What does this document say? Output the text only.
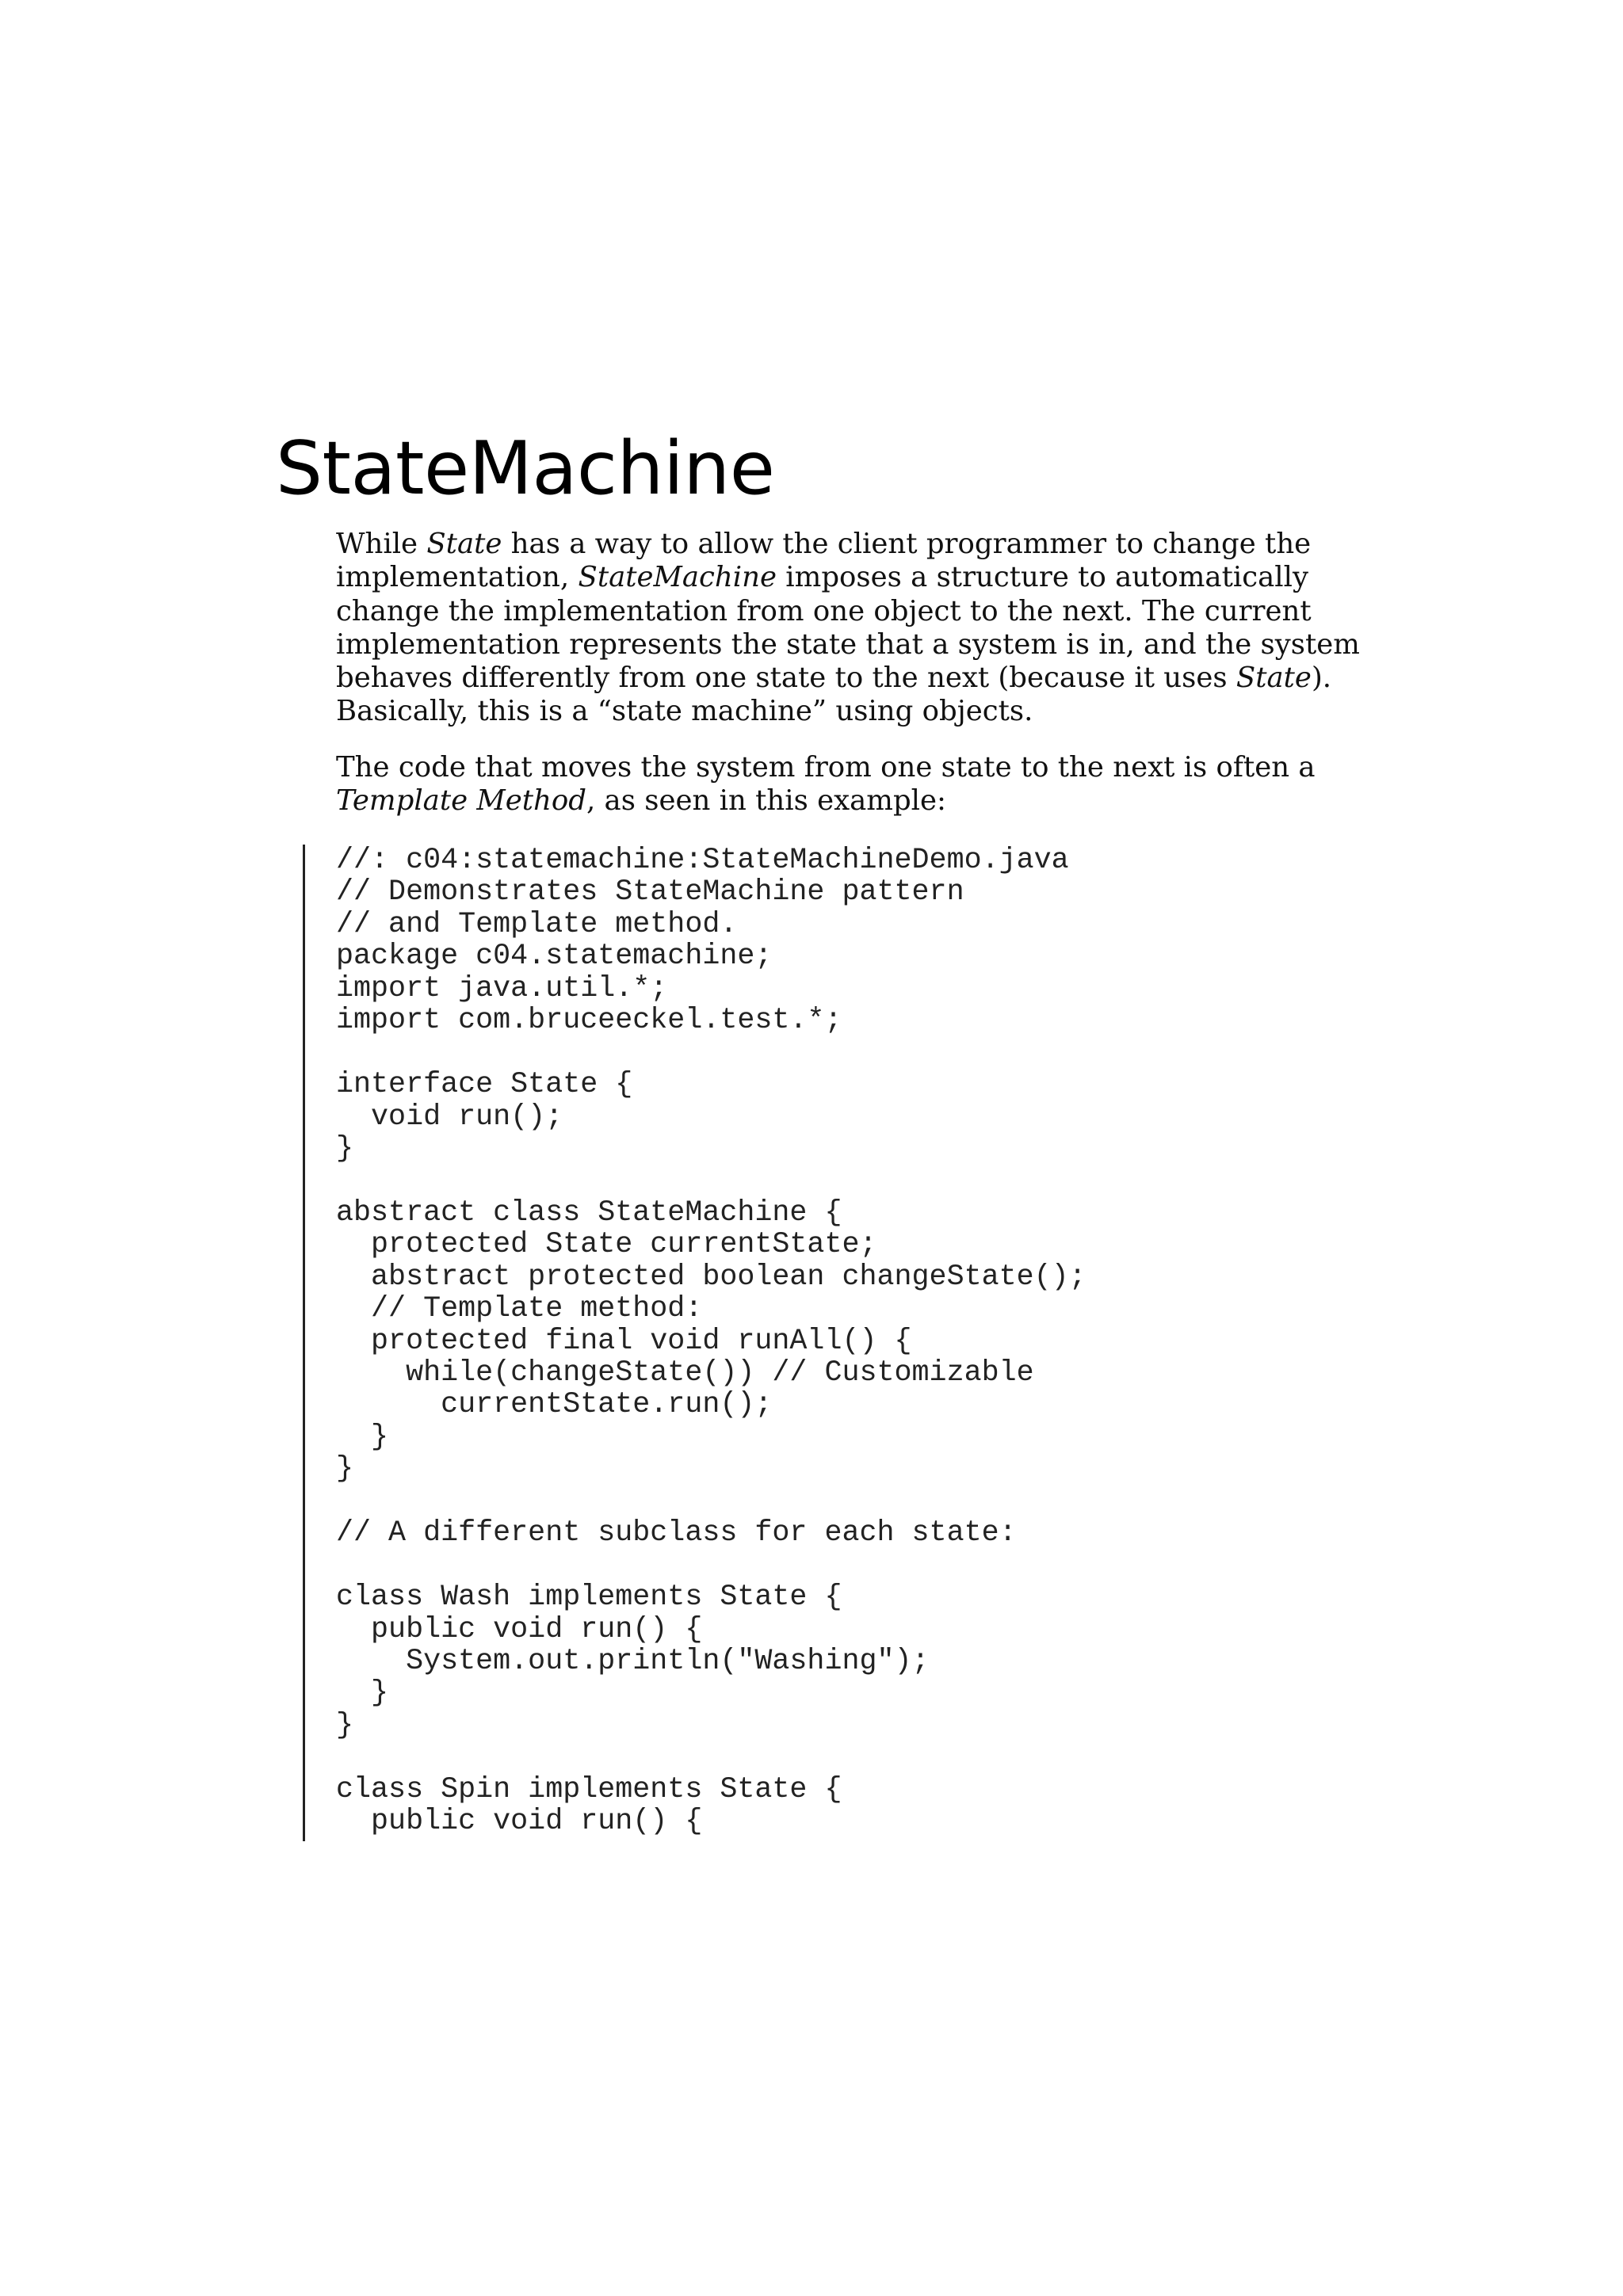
StateMachine
While State has a way to allow the client programmer to change the
implementation, StateMachine imposes a structure to automatically
change the implementation from one object to the next. The current
implementation represents the state that a system is in, and the system
behaves differently from one state to the next (because it uses State).
Basically, this is a “state machine” using objects.
The code that moves the system from one state to the next is often a
Template Method, as seen in this example:
//: c04:statemachine:StateMachineDemo.java
// Demonstrates StateMachine pattern
// and Template method.
package c04.statemachine;
import java.util.*;
import com.bruceeckel.test.*;
interface State {
void run();
}
abstract class StateMachine {
protected State currentState;
abstract protected boolean changeState();
// Template method:
protected final void runAll() {
while(changeState()) // Customizable
currentState.run();
}
}
// A different subclass for each state:
class Wash implements State {
public void run() {
System.out.println("Washing");
}
}
class Spin implements State {
public void run() {
